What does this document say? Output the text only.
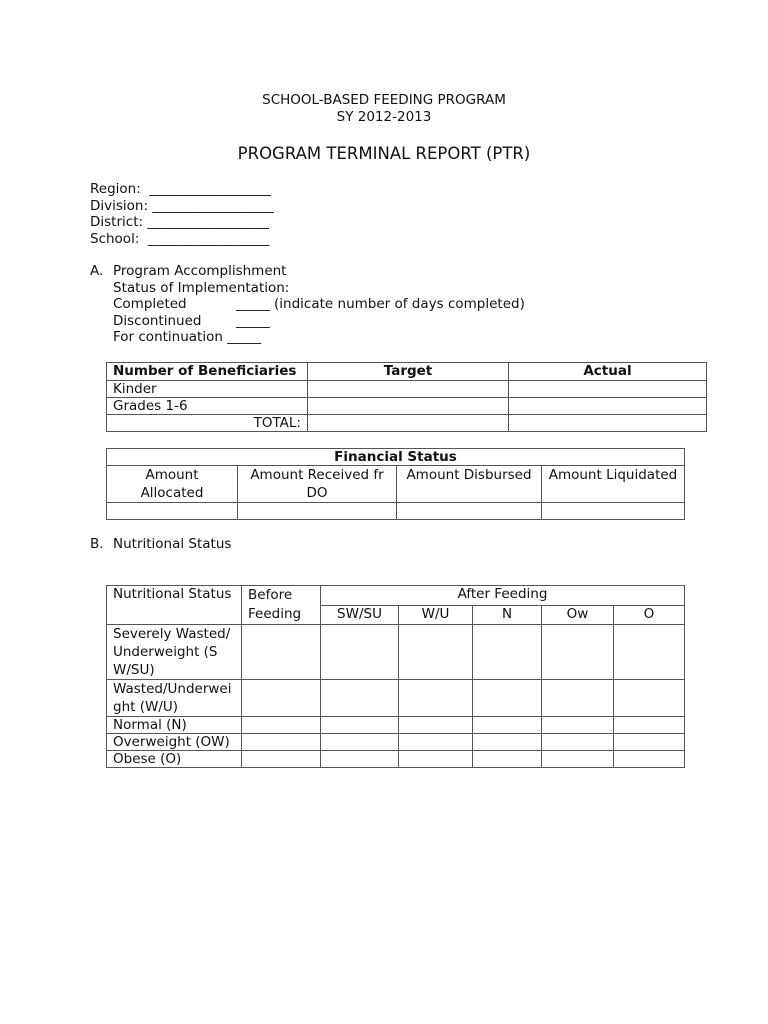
SCHOOL-BASED FEEDING PROGRAM
SY 2012-2013
PROGRAM TERMINAL REPORT (PTR)
Region: __________________
Division: __________________
District: __________________
School: __________________
A. Program Accomplishment
Status of Implementation:
Completed	_____ (indicate number of days completed)
Discontinued	_____
For continuation _____
Number of Beneficiaries	Target	Actual
Kinder		
Grades 1-6		
TOTAL:		
Financial Status			
Amount Allocated	Amount Received fr DO	Amount Disbursed	Amount Liquidated

B. Nutritional Status
Nutritional Status	Before Feeding	After Feeding				
		SW/SU	W/U	N	Ow	O
Severely Wasted/Underweight (SW/SU)						
Wasted/Underweight (W/U)						
Normal (N)						
Overweight (OW)						
Obese (O)						
